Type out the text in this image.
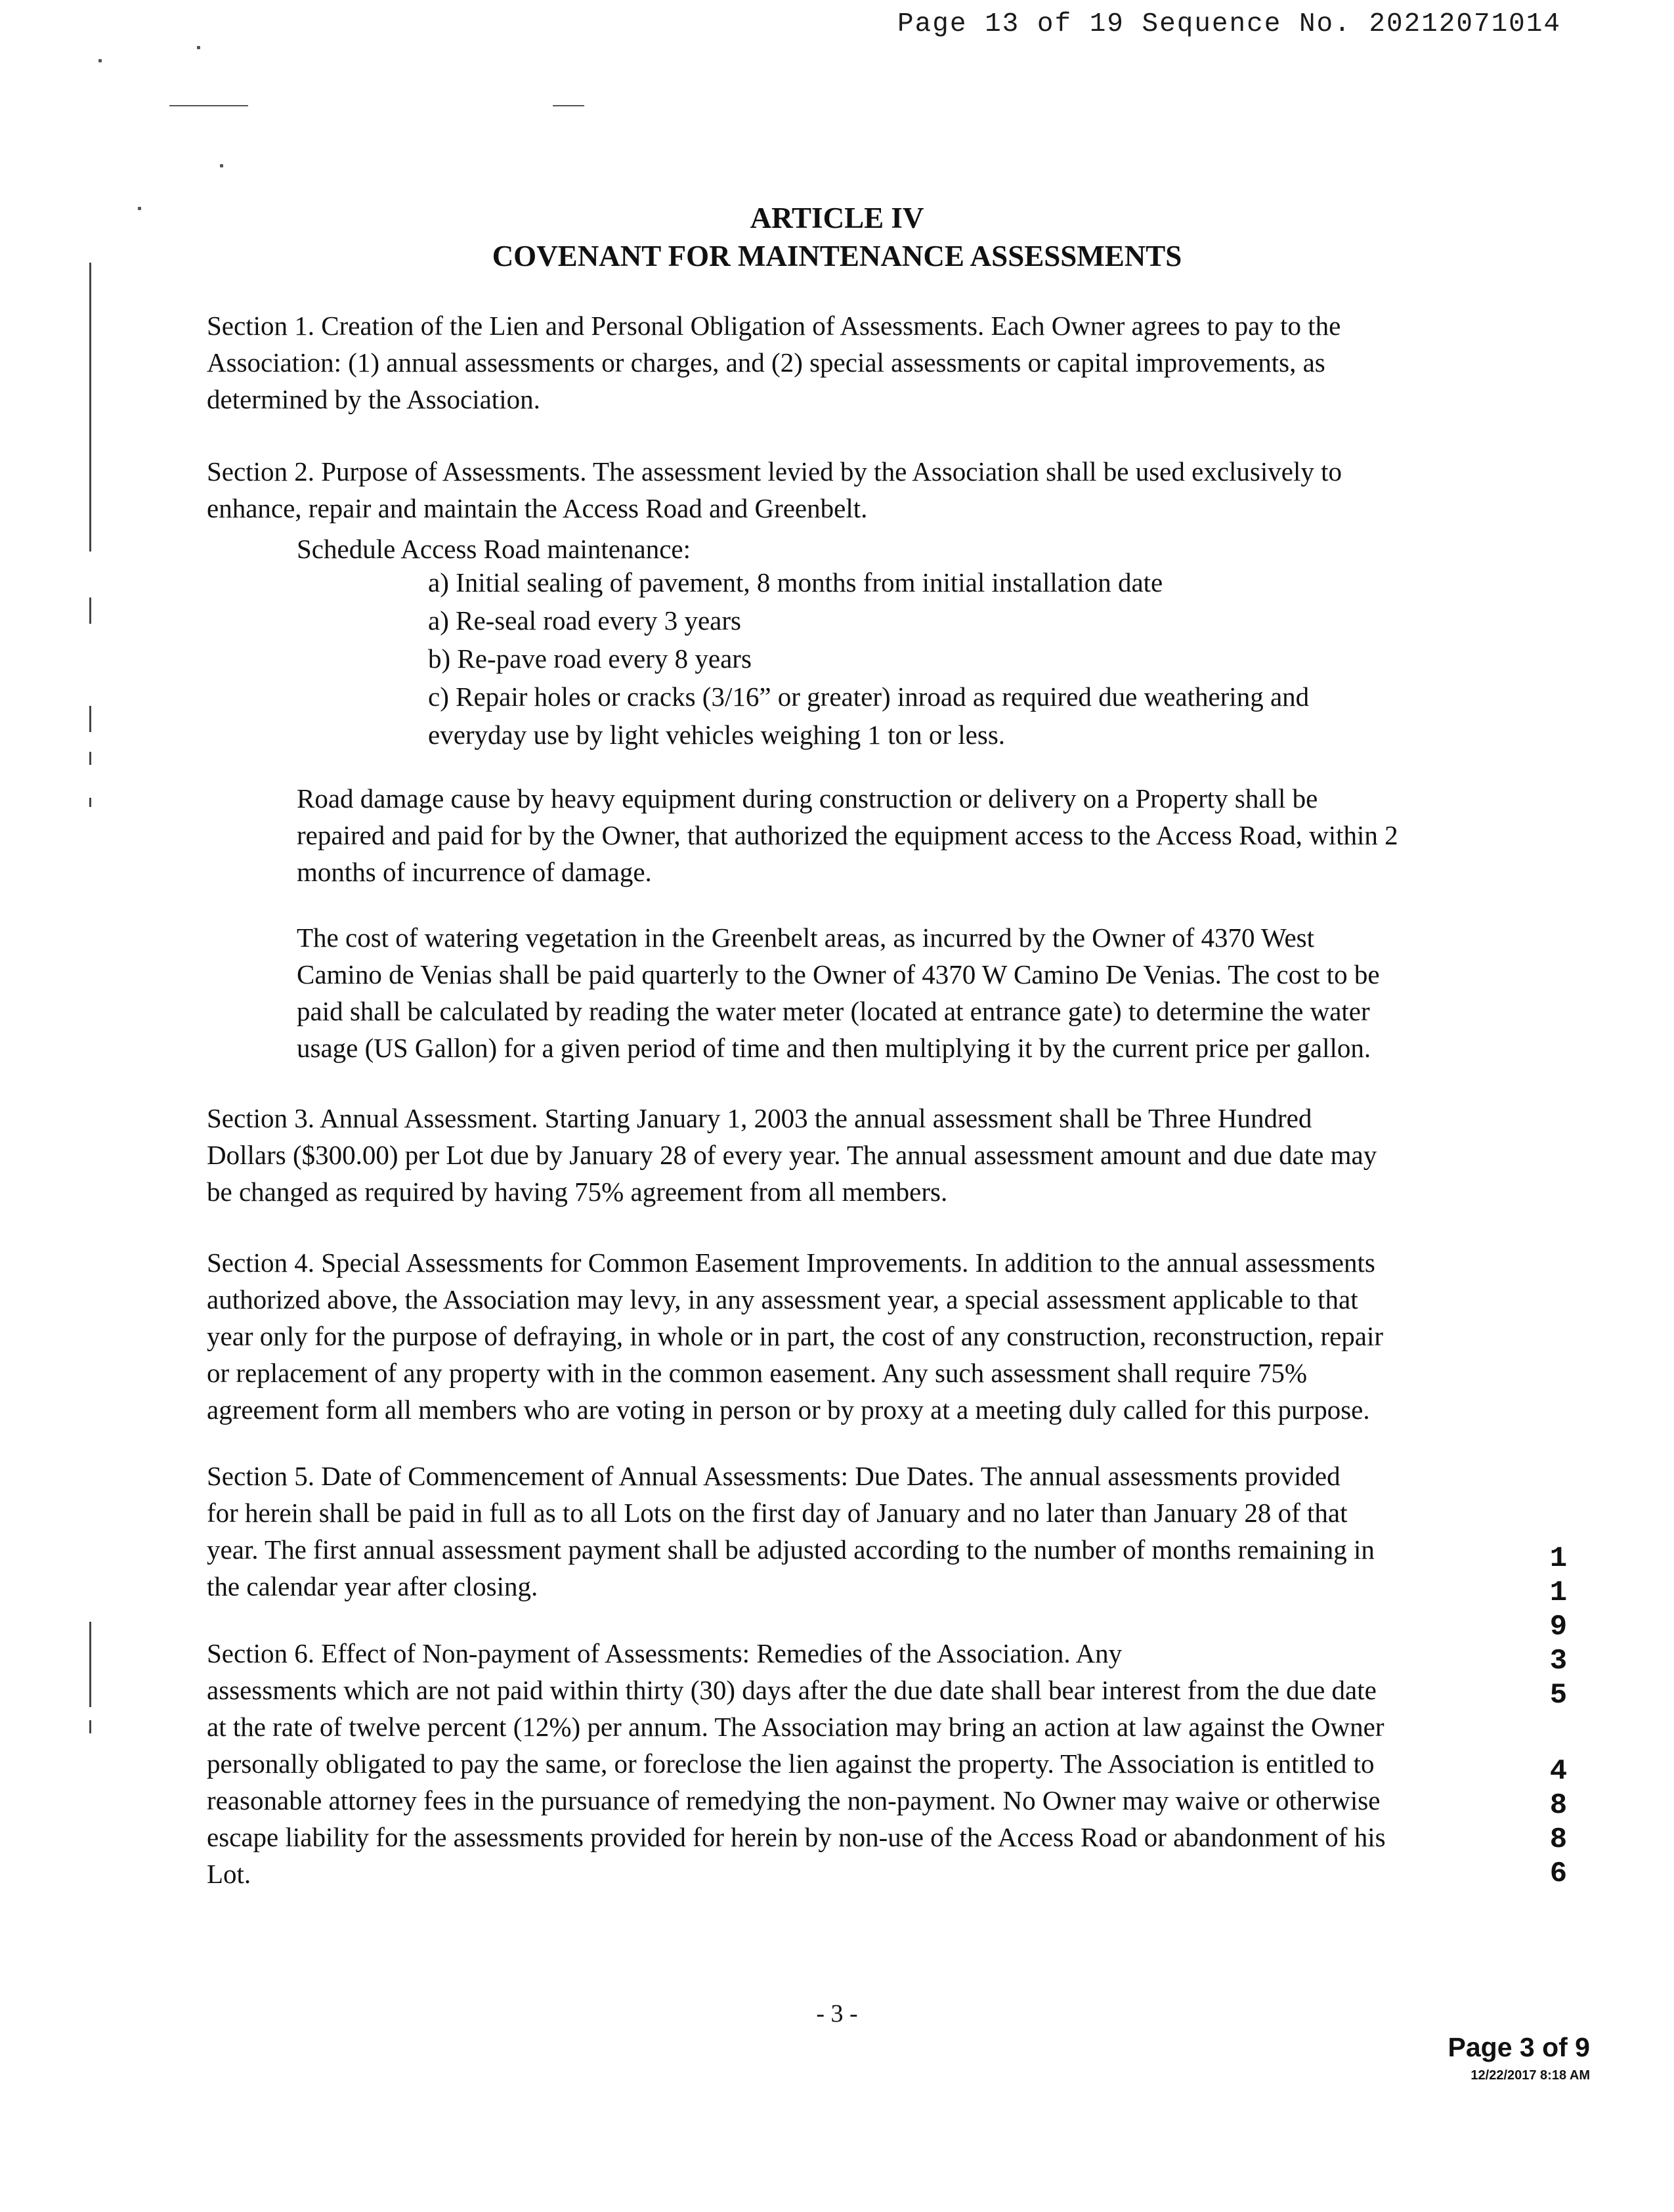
Page 13 of 19 Sequence No. 20212071014
ARTICLE IV
COVENANT FOR MAINTENANCE ASSESSMENTS
Section 1. Creation of the Lien and Personal Obligation of Assessments. Each Owner agrees to pay to the
Association: (1) annual assessments or charges, and (2) special assessments or capital improvements, as
determined by the Association.
Section 2. Purpose of Assessments. The assessment levied by the Association shall be used exclusively to
enhance, repair and maintain the Access Road and Greenbelt.
Schedule Access Road maintenance:
a) Initial sealing of pavement, 8 months from initial installation date
a) Re-seal road every 3 years
b) Re-pave road every 8 years
c) Repair holes or cracks (3/16” or greater) inroad as required due weathering and
everyday use by light vehicles weighing 1 ton or less.
Road damage cause by heavy equipment during construction or delivery on a Property shall be
repaired and paid for by the Owner, that authorized the equipment access to the Access Road, within 2
months of incurrence of damage.
The cost of watering vegetation in the Greenbelt areas, as incurred by the Owner of 4370 West
Camino de Venias shall be paid quarterly to the Owner of 4370 W Camino De Venias. The cost to be
paid shall be calculated by reading the water meter (located at entrance gate) to determine the water
usage (US Gallon) for a given period of time and then multiplying it by the current price per gallon.
Section 3. Annual Assessment. Starting January 1, 2003 the annual assessment shall be Three Hundred
Dollars ($300.00) per Lot due by January 28 of every year. The annual assessment amount and due date may
be changed as required by having 75% agreement from all members.
Section 4. Special Assessments for Common Easement Improvements. In addition to the annual assessments
authorized above, the Association may levy, in any assessment year, a special assessment applicable to that
year only for the purpose of defraying, in whole or in part, the cost of any construction, reconstruction, repair
or replacement of any property with in the common easement. Any such assessment shall require 75%
agreement form all members who are voting in person or by proxy at a meeting duly called for this purpose.
Section 5. Date of Commencement of Annual Assessments: Due Dates. The annual assessments provided
for herein shall be paid in full as to all Lots on the first day of January and no later than January 28 of that
year. The first annual assessment payment shall be adjusted according to the number of months remaining in
the calendar year after closing.
Section 6. Effect of Non-payment of Assessments: Remedies of the Association. Any
assessments which are not paid within thirty (30) days after the due date shall bear interest from the due date
at the rate of twelve percent (12%) per annum. The Association may bring an action at law against the Owner
personally obligated to pay the same, or foreclose the lien against the property. The Association is entitled to
reasonable attorney fees in the pursuance of remedying the non-payment. No Owner may waive or otherwise
escape liability for the assessments provided for herein by non-use of the Access Road or abandonment of his
Lot.
1
1
9
3
5
4
8
8
6
- 3 -
Page 3 of 9
12/22/2017 8:18 AM
